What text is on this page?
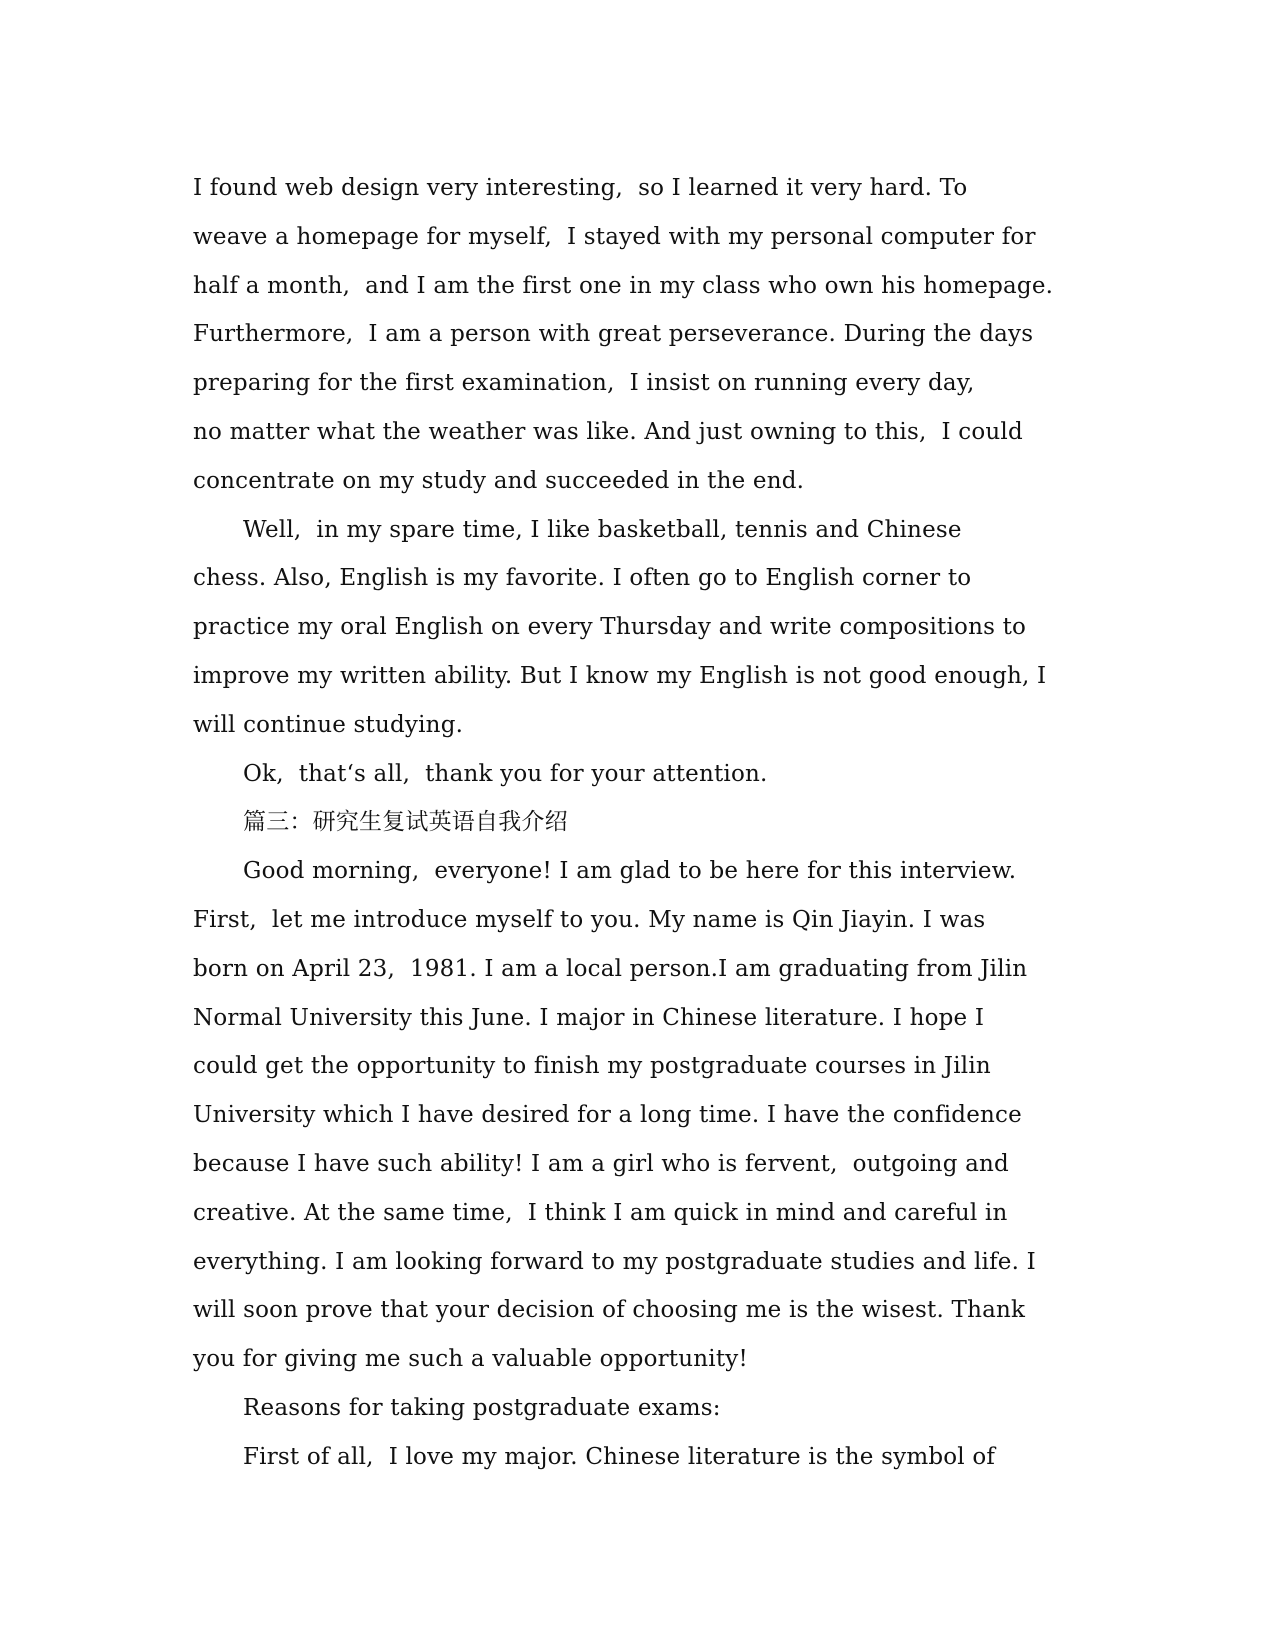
I found web design very interesting,  so I learned it very hard. To
weave a homepage for myself,  I stayed with my personal computer for
half a month,  and I am the first one in my class who own his homepage.
Furthermore,  I am a person with great perseverance. During the days
preparing for the first examination,  I insist on running every day,
no matter what the weather was like. And just owning to this,  I could
concentrate on my study and succeeded in the end.
Well,  in my spare time, I like basketball, tennis and Chinese
chess. Also, English is my favorite. I often go to English corner to
practice my oral English on every Thursday and write compositions to
improve my written ability. But I know my English is not good enough, I
will continue studying.
Ok,  that‘s all,  thank you for your attention.
篇三：研究生复试英语自我介绍
Good morning,  everyone! I am glad to be here for this interview.
First,  let me introduce myself to you. My name is Qin Jiayin. I was
born on April 23,  1981. I am a local person.I am graduating from Jilin
Normal University this June. I major in Chinese literature. I hope I
could get the opportunity to finish my postgraduate courses in Jilin
University which I have desired for a long time. I have the confidence
because I have such ability! I am a girl who is fervent,  outgoing and
creative. At the same time,  I think I am quick in mind and careful in
everything. I am looking forward to my postgraduate studies and life. I
will soon prove that your decision of choosing me is the wisest. Thank
you for giving me such a valuable opportunity!
Reasons for taking postgraduate exams:
First of all,  I love my major. Chinese literature is the symbol of
